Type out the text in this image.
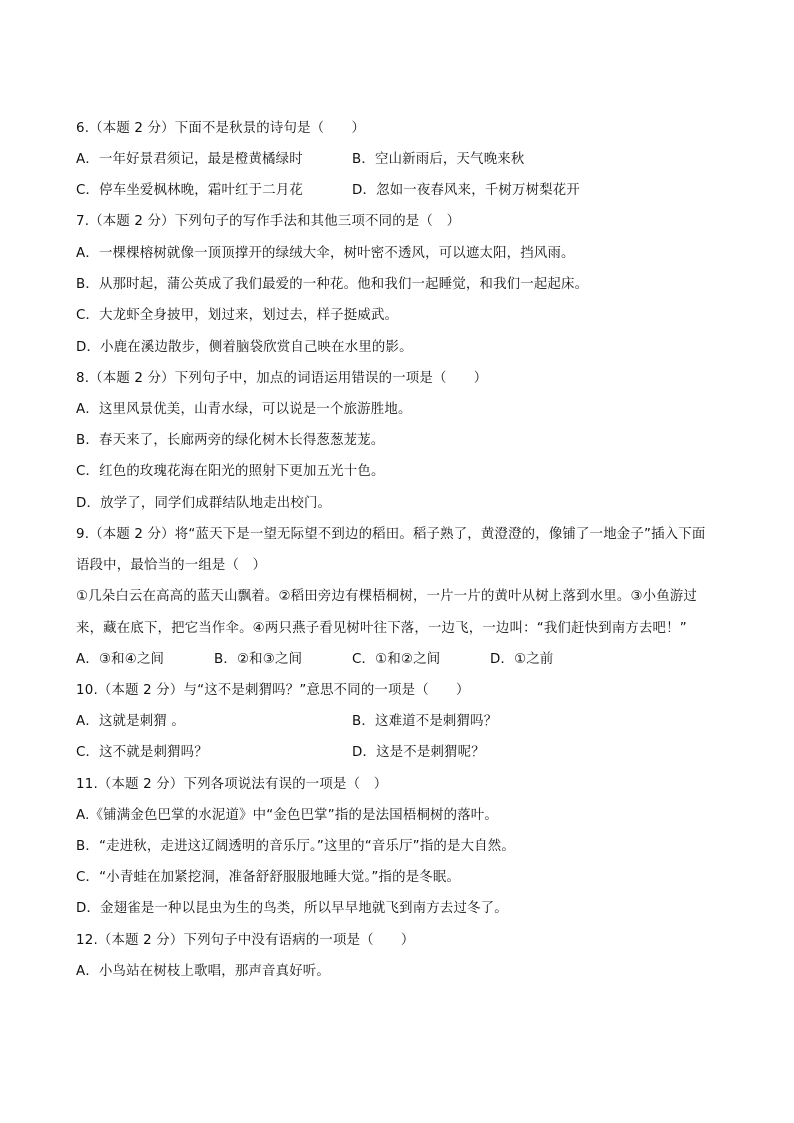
6.（本题 2 分）下面不是秋景的诗句是（　　）
A．一年好景君须记，最是橙黄橘绿时	B．空山新雨后，天气晚来秋
C．停车坐爱枫林晚，霜叶红于二月花	D．忽如一夜春风来，千树万树梨花开
7.（本题 2 分）下列句子的写作手法和其他三项不同的是（　）
A．一棵棵榕树就像一顶顶撑开的绿绒大伞，树叶密不透风，可以遮太阳，挡风雨。
B．从那时起，蒲公英成了我们最爱的一种花。他和我们一起睡觉，和我们一起起床。
C．大龙虾全身披甲，划过来，划过去，样子挺威武。
D．小鹿在溪边散步，侧着脑袋欣赏自己映在水里的影。
8.（本题 2 分）下列句子中，加点的词语运用错误的一项是（　　）
A．这里风景优美，山青水绿，可以说是一个旅游胜地。
B．春天来了，长廊两旁的绿化树木长得葱葱茏茏。
C．红色的玫瑰花海在阳光的照射下更加五光十色。
D．放学了，同学们成群结队地走出校门。
9.（本题 2 分）将“蓝天下是一望无际望不到边的稻田。稻子熟了，黄澄澄的，像铺了一地金子”插入下面
语段中，最恰当的一组是（　）
①几朵白云在高高的蓝天山飘着。②稻田旁边有棵梧桐树，一片一片的黄叶从树上落到水里。③小鱼游过
来，藏在底下，把它当作伞。④两只燕子看见树叶往下落，一边飞，一边叫：“我们赶快到南方去吧！”
A．③和④之间	B．②和③之间	C．①和②之间	D．①之前
10.（本题 2 分）与“这不是刺猬吗？”意思不同的一项是（　　）
A．这就是刺猬 。	B．这难道不是刺猬吗？
C．这不就是刺猬吗？	D．这是不是刺猬呢？
11.（本题 2 分）下列各项说法有误的一项是（　）
A.《铺满金色巴掌的水泥道》中“金色巴掌”指的是法国梧桐树的落叶。
B．“走进秋，走进这辽阔透明的音乐厅。”这里的“音乐厅”指的是大自然。
C．“小青蛙在加紧挖洞，准备舒舒服服地睡大觉。”指的是冬眠。
D．金翅雀是一种以昆虫为生的鸟类，所以早早地就飞到南方去过冬了。
12.（本题 2 分）下列句子中没有语病的一项是（　　）
A．小鸟站在树枝上歌唱，那声音真好听。
